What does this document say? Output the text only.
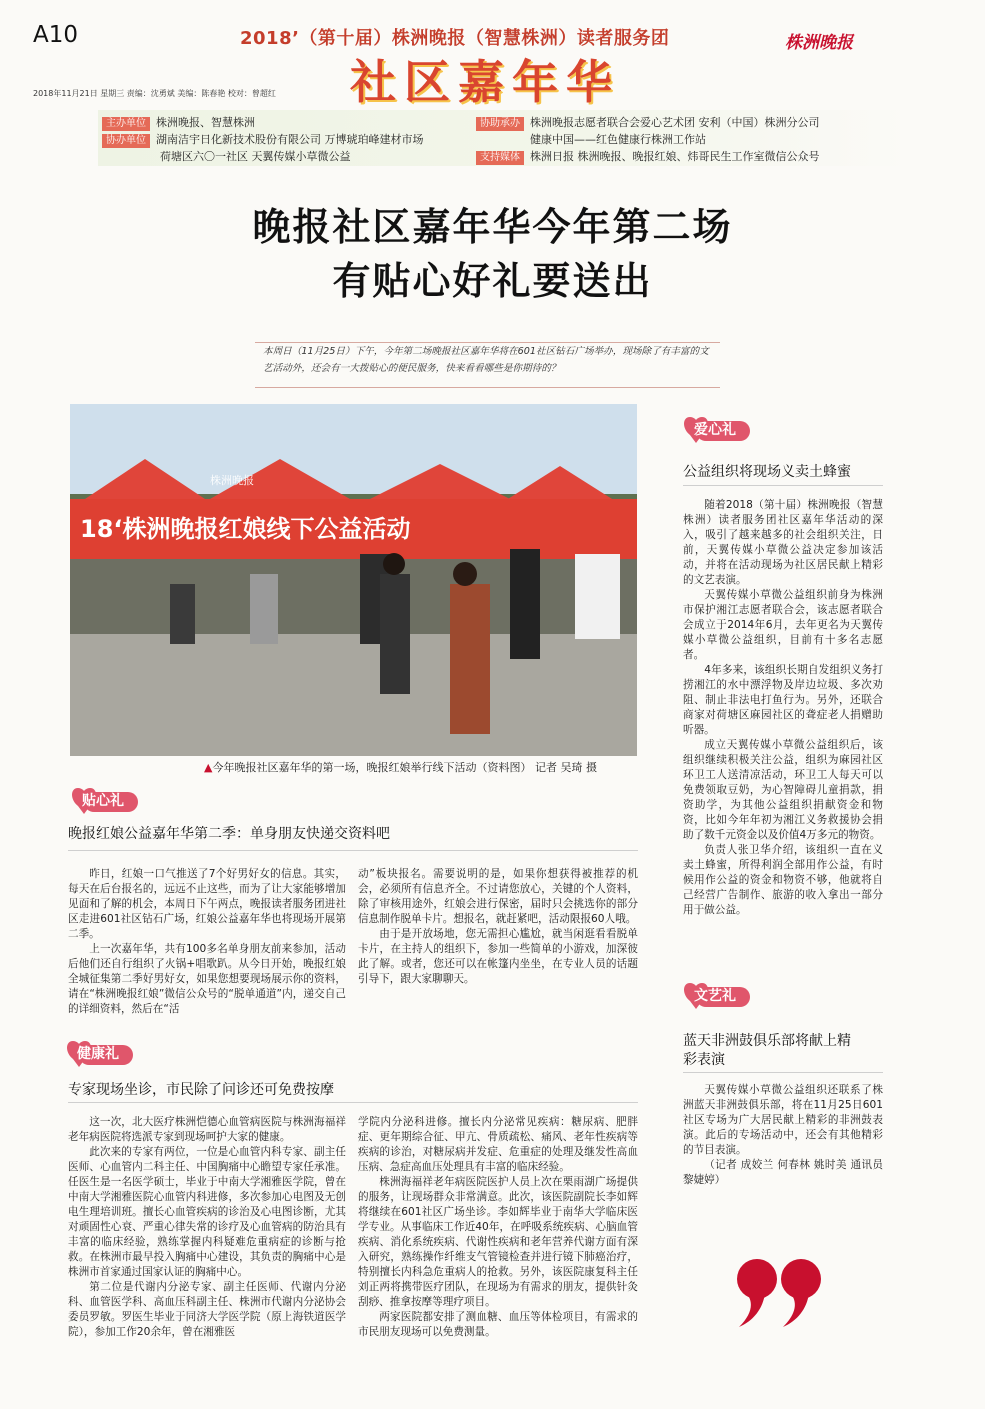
A10	2018’（第十届）株洲晚报（智慧株洲）读者服务团
社区嘉年华
株洲晚报
2018年11月21日 星期三 责编：沈勇斌 美编：陈春艳 校对：曾超红
主办单位 株洲晚报、智慧株洲
协办单位 湖南洁宇日化新技术股份有限公司 万博琥珀峰建材市场
荷塘区六〇一社区 天翼传媒小草微公益
协助承办 株洲晚报志愿者联合会爱心艺术团 安利（中国）株洲分公司
健康中国——红色健康行株洲工作站
支持媒体 株洲日报 株洲晚报、晚报红娘、炜哥民生工作室微信公众号
晚报社区嘉年华今年第二场
有贴心好礼要送出
本周日（11月25日）下午，今年第二场晚报社区嘉年华将在601社区钻石广场举办，现场除了有丰富的文艺活动外，还会有一大拨贴心的便民服务，快来看看哪些是你期待的？
18‘株洲晚报红娘线下公益活动
株洲晚报
▲今年晚报社区嘉年华的第一场，晚报红娘举行线下活动（资料图） 记者 吴琦 摄
贴心礼
晚报红娘公益嘉年华第二季：单身朋友快递交资料吧

昨日，红娘一口气推送了7个好男好女的信息。其实，每天在后台报名的，远远不止这些，而为了让大家能够增加见面和了解的机会，本周日下午两点，晚报读者服务团进社区走进601社区钻石广场，红娘公益嘉年华也将现场开展第二季。

上一次嘉年华，共有100多名单身朋友前来参加，活动后他们还自行组织了火锅+唱歌趴。从今日开始，晚报红娘全城征集第二季好男好女，如果您想要现场展示你的资料，请在“株洲晚报红娘”微信公众号的“脱单通道”内，递交自己的详细资料，然后在“活

动”板块报名。需要说明的是，如果你想获得被推荐的机会，必须所有信息齐全。不过请您放心，关键的个人资料，除了审核用途外，红娘会进行保密，届时只会挑选你的部分信息制作脱单卡片。想报名，就赶紧吧，活动限报60人哦。

由于是开放场地，您无需担心尴尬，就当闲逛看看脱单卡片，在主持人的组织下，参加一些简单的小游戏，加深彼此了解。或者，您还可以在帐篷内坐坐，在专业人员的话题引导下，跟大家聊聊天。

健康礼
专家现场坐诊，市民除了问诊还可免费按摩

这一次，北大医疗株洲恺德心血管病医院与株洲海福祥老年病医院将选派专家到现场呵护大家的健康。

此次来的专家有两位，一位是心血管内科专家、副主任医师、心血管内二科主任、中国胸痛中心瞻望专家任承准。任医生是一名医学硕士，毕业于中南大学湘雅医学院，曾在中南大学湘雅医院心血管内科进修，多次参加心电图及无创电生理培训班。擅长心血管疾病的诊治及心电图诊断，尤其对顽固性心衰、严重心律失常的诊疗及心血管病的防治具有丰富的临床经验，熟练掌握内科疑难危重病症的诊断与抢救。在株洲市最早投入胸痛中心建设，其负责的胸痛中心是株洲市首家通过国家认证的胸痛中心。

第二位是代谢内分泌专家、副主任医师、代谢内分泌科、血管医学科、高血压科副主任、株洲市代谢内分泌协会委员罗敏。罗医生毕业于同济大学医学院（原上海铁道医学院），参加工作20余年，曾在湘雅医

学院内分泌科进修。擅长内分泌常见疾病：糖尿病、肥胖症、更年期综合征、甲亢、骨质疏松、痛风、老年性疾病等疾病的诊治，对糖尿病并发症、危重症的处理及继发性高血压病、急症高血压处理具有丰富的临床经验。

株洲海福祥老年病医院医护人员上次在栗雨湖广场提供的服务，让现场群众非常满意。此次，该医院副院长李如辉将继续在601社区广场坐诊。李如辉毕业于南华大学临床医学专业。从事临床工作近40年，在呼吸系统疾病、心脑血管疾病、消化系统疾病、代谢性疾病和老年营养代谢方面有深入研究，熟练操作纤维支气管镜检查并进行镜下肺癌治疗，特别擅长内科急危重病人的抢救。另外，该医院康复科主任刘正两将携带医疗团队，在现场为有需求的朋友，提供针灸刮痧、推拿按摩等理疗项目。

两家医院都安排了测血糖、血压等体检项目，有需求的市民朋友现场可以免费测量。

爱心礼
公益组织将现场义卖土蜂蜜

随着2018（第十届）株洲晚报（智慧株洲）读者服务团社区嘉年华活动的深入，吸引了越来越多的社会组织关注，日前，天翼传媒小草微公益决定参加该活动，并将在活动现场为社区居民献上精彩的文艺表演。

天翼传媒小草微公益组织前身为株洲市保护湘江志愿者联合会，该志愿者联合会成立于2014年6月，去年更名为天翼传媒小草微公益组织，目前有十多名志愿者。

4年多来，该组织长期自发组织义务打捞湘江的水中漂浮物及岸边垃圾、多次劝阻、制止非法电打鱼行为。另外，还联合商家对荷塘区麻园社区的聋症老人捐赠助听器。

成立天翼传媒小草微公益组织后，该组织继续积极关注公益，组织为麻园社区环卫工人送清凉活动，环卫工人每天可以免费领取豆奶，为心智障碍儿童捐款，捐资助学，为其他公益组织捐献资金和物资，比如今年年初为湘江义务救援协会捐助了数千元资金以及价值4万多元的物资。

负责人张卫华介绍，该组织一直在义卖土蜂蜜，所得利润全部用作公益，有时候用作公益的资金和物资不够，他就将自己经营广告制作、旅游的收入拿出一部分用于做公益。

文艺礼
蓝天非洲鼓俱乐部将献上精
彩表演

天翼传媒小草微公益组织还联系了株洲蓝天非洲鼓俱乐部，将在11月25日601社区专场为广大居民献上精彩的非洲鼓表演。此后的专场活动中，还会有其他精彩的节目表演。

（记者 成姣兰 何春林 姚时美 通讯员 黎婕婷）
